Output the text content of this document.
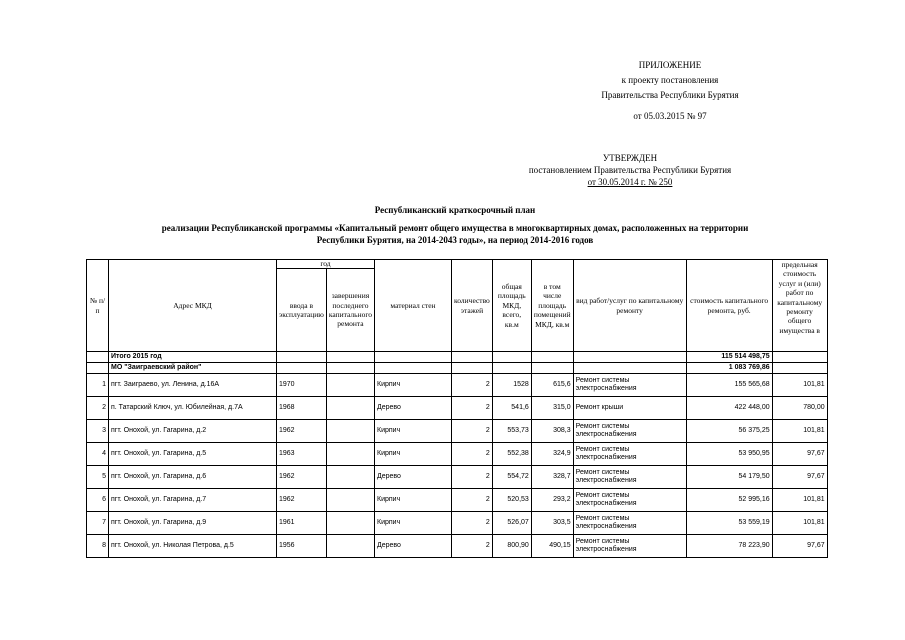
ПРИЛОЖЕНИЕ
к проекту постановления
Правительства Республики Бурятия
от 05.03.2015 № 97
УТВЕРЖДЕН
постановлением Правительства Республики Бурятия
от 30.05.2014 г. № 250
Республиканский краткосрочный план
реализации Республиканской программы «Капитальный ремонт общего имущества в многоквартирных домах, расположенных на территории
Республики Бурятия, на 2014-2043 годы», на период 2014-2016 годов
№ п/п	Адрес МКД	год		материал стен	количество этажей	общая площадь МКД, всего, кв.м	в том числе площадь помещений МКД, кв.м	вид работ/услуг по капитальному ремонту	стоимость капитального ремонта, руб.	предельная стоимость услуг и (или) работ по капитальному ремонту общего имущества в
		ввода в эксплуатацию	завершения последнего капитального ремонта							
	Итого 2015 год								115 514 498,75	
	МО "Заиграевский район"								1 083 769,86	
1	пгт. Заиграево, ул. Ленина, д.16А	1970		Кирпич	2	1528	615,6	Ремонт системы электроснабжения	155 565,68	101,81
2	п. Татарский Ключ, ул. Юбилейная, д.7А	1968		Дерево	2	541,6	315,0	Ремонт крыши	422 448,00	780,00
3	пгт. Онохой, ул. Гагарина, д.2	1962		Кирпич	2	553,73	308,3	Ремонт системы электроснабжения	56 375,25	101,81
4	пгт. Онохой, ул. Гагарина, д.5	1963		Кирпич	2	552,38	324,9	Ремонт системы электроснабжения	53 950,95	97,67
5	пгт. Онохой, ул. Гагарина, д.6	1962		Дерево	2	554,72	328,7	Ремонт системы электроснабжения	54 179,50	97,67
6	пгт. Онохой, ул. Гагарина, д.7	1962		Кирпич	2	520,53	293,2	Ремонт системы электроснабжения	52 995,16	101,81
7	пгт. Онохой, ул. Гагарина, д.9	1961		Кирпич	2	526,07	303,5	Ремонт системы электроснабжения	53 559,19	101,81
8	пгт. Онохой, ул. Николая Петрова, д.5	1956		Дерево	2	800,90	490,15	Ремонт системы электроснабжения	78 223,90	97,67
